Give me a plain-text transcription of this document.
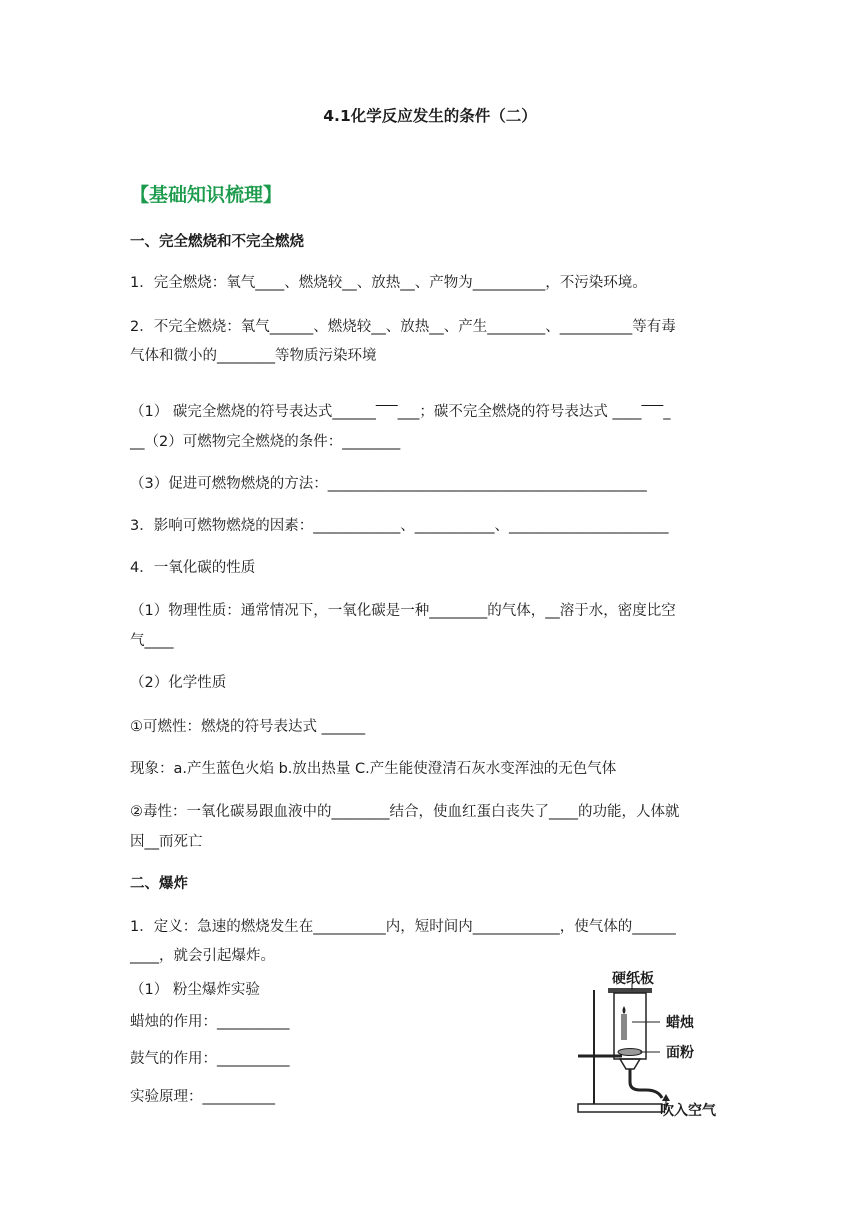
4.1化学反应发生的条件（二）
【基础知识梳理】
一、完全燃烧和不完全燃烧
1．完全燃烧：氧气____、燃烧较__、放热__、产物为__________，不污染环境。
2．不完全燃烧：氧气______、燃烧较__、放热__、产生________、__________等有毒
气体和微小的________等物质污染环境
（1） 碳完全燃烧的符号表达式______‾‾‾___；碳不完全燃烧的符号表达式 ____‾‾‾_
__（2）可燃物完全燃烧的条件：________
（3）促进可燃物燃烧的方法：____________________________________________
3．影响可燃物燃烧的因素：____________、___________、______________________
4．一氧化碳的性质
（1）物理性质：通常情况下，一氧化碳是一种________的气体，__溶于水，密度比空
气____
（2）化学性质
①可燃性：燃烧的符号表达式 ______
现象：a.产生蓝色火焰 b.放出热量 C.产生能使澄清石灰水变浑浊的无色气体
②毒性：一氧化碳易跟血液中的________结合，使血红蛋白丧失了____的功能，人体就
因__而死亡
二、爆炸
1．定义：急速的燃烧发生在__________内，短时间内____________，使气体的______
____，就会引起爆炸。
（1） 粉尘爆炸实验
蜡烛的作用：__________
鼓气的作用：__________
实验原理：__________
硬纸板
蜡烛
面粉
吹入空气
